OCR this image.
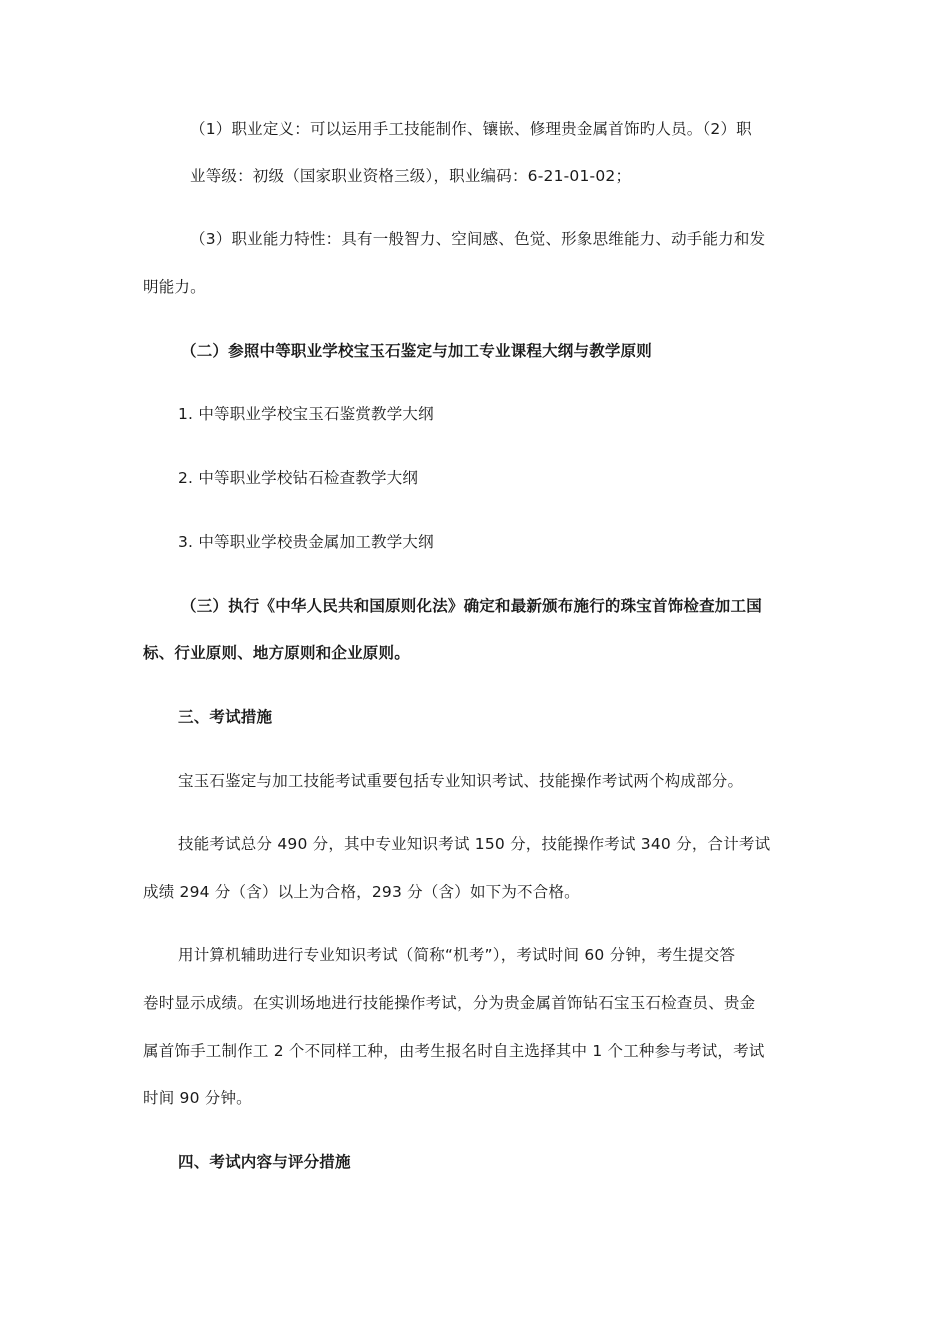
（1）职业定义：可以运用手工技能制作、镶嵌、修理贵金属首饰旳人员。（2）职
业等级：初级（国家职业资格三级），职业编码：6-21-01-02；
（3）职业能力特性：具有一般智力、空间感、色觉、形象思维能力、动手能力和发
明能力。
（二）参照中等职业学校宝玉石鉴定与加工专业课程大纲与教学原则
1. 中等职业学校宝玉石鉴赏教学大纲
2. 中等职业学校钻石检查教学大纲
3. 中等职业学校贵金属加工教学大纲
（三）执行《中华人民共和国原则化法》确定和最新颁布施行的珠宝首饰检查加工国
标、行业原则、地方原则和企业原则。
三、考试措施
宝玉石鉴定与加工技能考试重要包括专业知识考试、技能操作考试两个构成部分。
技能考试总分 490 分，其中专业知识考试 150 分，技能操作考试 340 分，合计考试
成绩 294 分（含）以上为合格，293 分（含）如下为不合格。
用计算机辅助进行专业知识考试（简称“机考”），考试时间 60 分钟，考生提交答
卷时显示成绩。在实训场地进行技能操作考试，分为贵金属首饰钻石宝玉石检查员、贵金
属首饰手工制作工 2 个不同样工种，由考生报名时自主选择其中 1 个工种参与考试，考试
时间 90 分钟。
四、考试内容与评分措施
